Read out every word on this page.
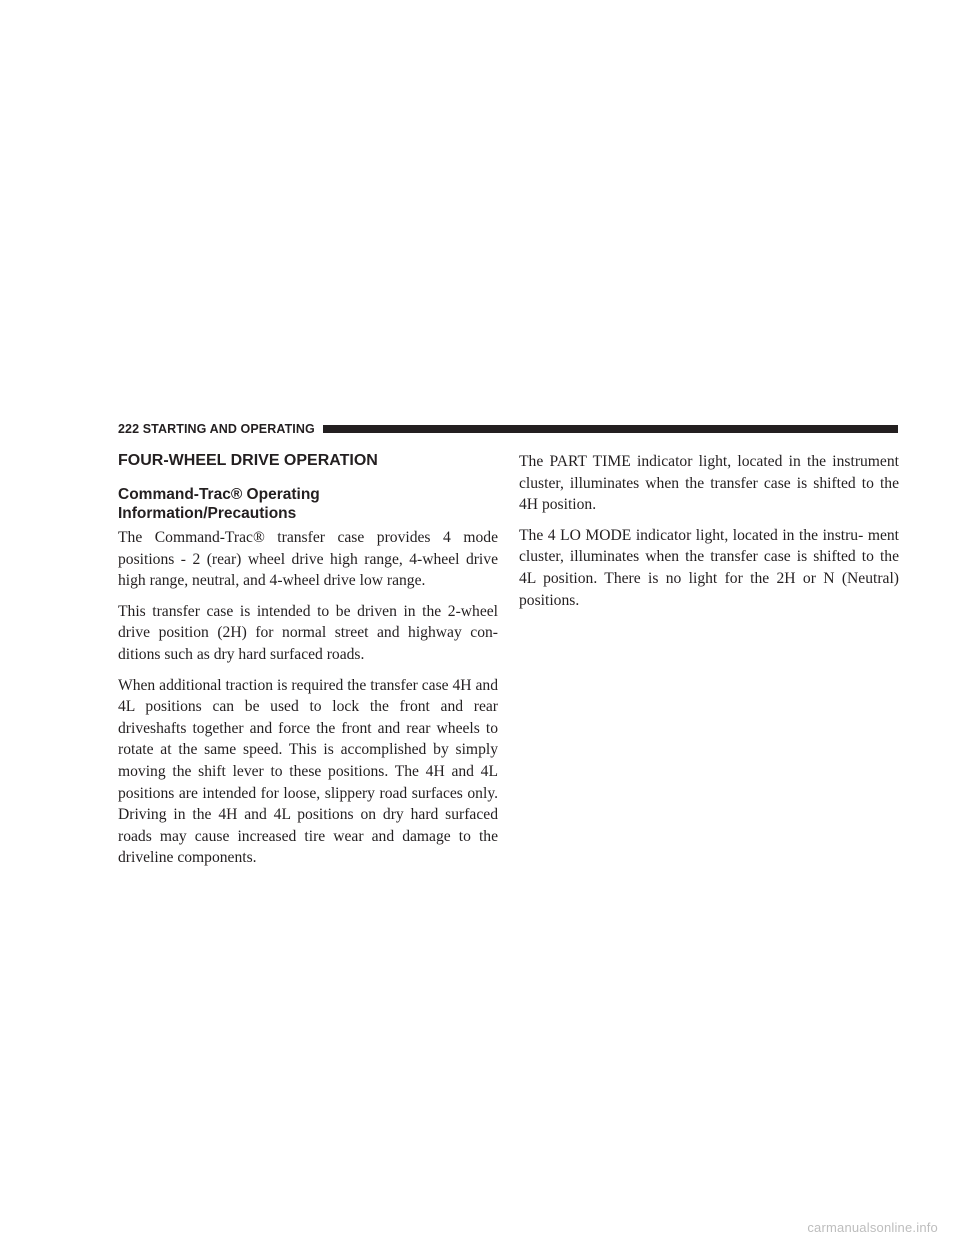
222 STARTING AND OPERATING
FOUR-WHEEL DRIVE OPERATION
Command-Trac® Operating
Information/Precautions

The Command-Trac® transfer case provides 4 mode positions - 2 (rear) wheel drive high range, 4-wheel drive high range, neutral, and 4-wheel drive low range.

This transfer case is intended to be driven in the 2-wheel drive position (2H) for normal street and highway con- ditions such as dry hard surfaced roads.

When additional traction is required the transfer case 4H and 4L positions can be used to lock the front and rear driveshafts together and force the front and rear wheels to rotate at the same speed. This is accomplished by simply moving the shift lever to these positions. The 4H and 4L positions are intended for loose, slippery road surfaces only. Driving in the 4H and 4L positions on dry hard surfaced roads may cause increased tire wear and damage to the driveline components.

The PART TIME indicator light, located in the instrument cluster, illuminates when the transfer case is shifted to the 4H position.

The 4 LO MODE indicator light, located in the instru- ment cluster, illuminates when the transfer case is shifted to the 4L position. There is no light for the 2H or N (Neutral) positions.

carmanualsonline.info
